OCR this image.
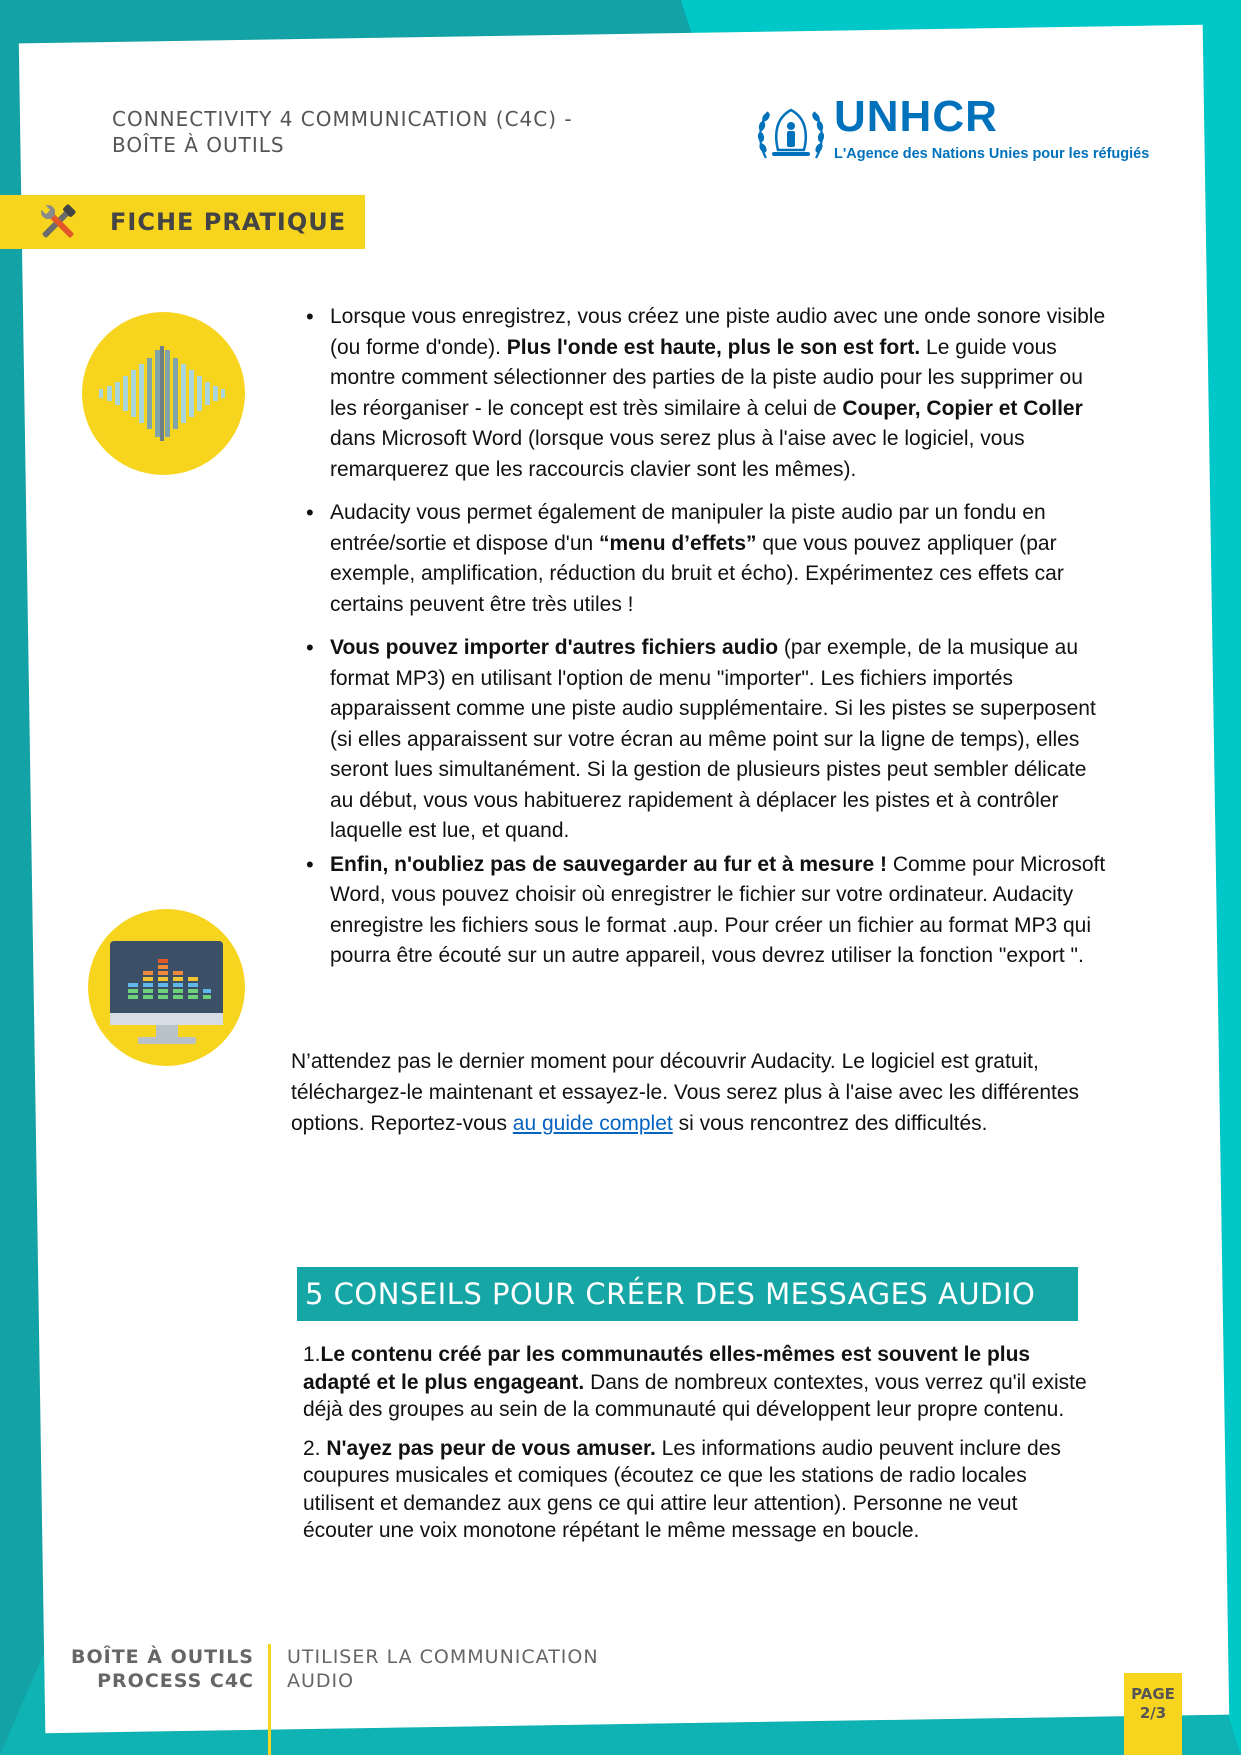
CONNECTIVITY 4 COMMUNICATION (C4C) -
BOÎTE À OUTILS
UNHCR
L'Agence des Nations Unies pour les réfugiés
FICHE PRATIQUE
• Lorsque vous enregistrez, vous créez une piste audio avec une onde sonore visible (ou forme d'onde). Plus l'onde est haute, plus le son est fort. Le guide vous montre comment sélectionner des parties de la piste audio pour les supprimer ou les réorganiser - le concept est très similaire à celui de Couper, Copier et Coller dans Microsoft Word (lorsque vous serez plus à l'aise avec le logiciel, vous remarquerez que les raccourcis clavier sont les mêmes).
• Audacity vous permet également de manipuler la piste audio par un fondu en entrée/sortie et dispose d'un “menu d’effets” que vous pouvez appliquer (par exemple, amplification, réduction du bruit et écho). Expérimentez ces effets car certains peuvent être très utiles !
• Vous pouvez importer d'autres fichiers audio (par exemple, de la musique au format MP3) en utilisant l'option de menu "importer". Les fichiers importés apparaissent comme une piste audio supplémentaire. Si les pistes se superposent (si elles apparaissent sur votre écran au même point sur la ligne de temps), elles seront lues simultanément. Si la gestion de plusieurs pistes peut sembler délicate au début, vous vous habituerez rapidement à déplacer les pistes et à contrôler laquelle est lue, et quand.
• Enfin, n'oubliez pas de sauvegarder au fur et à mesure ! Comme pour Microsoft Word, vous pouvez choisir où enregistrer le fichier sur votre ordinateur. Audacity enregistre les fichiers sous le format .aup. Pour créer un fichier au format MP3 qui pourra être écouté sur un autre appareil, vous devrez utiliser la fonction "export ".
N’attendez pas le dernier moment pour découvrir Audacity. Le logiciel est gratuit, téléchargez-le maintenant et essayez-le. Vous serez plus à l'aise avec les différentes options. Reportez-vous au guide complet si vous rencontrez des difficultés.
5 CONSEILS POUR CRÉER DES MESSAGES AUDIO

1.Le contenu créé par les communautés elles-mêmes est souvent le plus adapté et le plus engageant. Dans de nombreux contextes, vous verrez qu'il existe déjà des groupes au sein de la communauté qui développent leur propre contenu.

2. N'ayez pas peur de vous amuser. Les informations audio peuvent inclure des coupures musicales et comiques (écoutez ce que les stations de radio locales utilisent et demandez aux gens ce qui attire leur attention). Personne ne veut écouter une voix monotone répétant le même message en boucle.

BOÎTE À OUTILS
PROCESS C4C
UTILISER LA COMMUNICATION
AUDIO
PAGE
2/3
